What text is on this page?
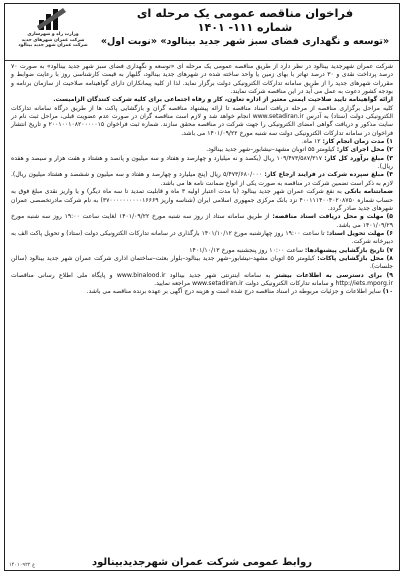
وزارت راه و شهرسازی
شرکت عمران شهرهای جدید
شرکت عمران شهر جدید بینالود
فراخوان مناقصه عمومی یک مرحله ای
شماره ۱۱۱- ۱۴۰۱
«توسعه و نگهداری فضای سبز شهر جدید بینالود» «نوبت اول»

شرکت عمران شهرجدید بینالود در نظر دارد از طریق مناقصه عمومی یک مرحله ای «توسعه و نگهداری فضای سبز شهر جدید بینالود» به صورت ۷۰ درصد پرداخت نقدی و ۳۰ درصد تهاتر با بهای زمین یا واحد ساخته شده در شهرهای جدید بینالود، گلبهار به قیمت کارشناسی روز با رعایت ضوابط و مقررات شهرهای جدید را از طریق سامانه تدارکات الکترونیکی دولت برگزار نماید. لذا از کلیه پیمانکاران دارای گواهینامه صلاحیت از سازمان برنامه و بودجه کشور دعوت به عمل می آید در این مناقصه شرکت نمایند.

ارائه گواهینامه تایید صلاحیت ایمنی معتبر از اداره تعاون، کار و رفاه اجتماعی برای کلیه شرکت کنندگان الزامیست.

کلیه مراحل برگزاری مناقصه از مرحله دریافت اسناد مناقصه تا ارائه پیشنهاد مناقصه گران و بازگشایی پاکت ها از طریق درگاه سامانه تدارکات الکترونیکی دولت (ستاد) به آدرس www.setadiran.ir انجام خواهد شد و لازم است مناقصه گران در صورت عدم عضویت قبلی، مراحل ثبت نام در سایت مذکور و دریافت گواهی امضای الکترونیکی را جهت شرکت در مناقصه محقق سازند. شماره ثبت فراخوان ۲۰۰۱۰۰۱۰۸۲۰۰۰۰۰۱۵ و تاریخ انتشار فراخوان در سامانه تدارکات الکترونیکی دولت سه شنبه مورخ ۱۴۰۱/۰۹/۲۲ می باشد.

۱) مدت زمان انجام کار: ۱۲ ماه.

۲) محل اجرای کار: کیلومتر ۵۵ اتوبان مشهد–نیشابور–شهر جدید بینالود.

۳) مبلغ برآورد کل کار: ۱۰۹/۴۷۳/۵۸۷/۳۱۷ ریال (یکصد و نه میلیارد و چهارصد و هفتاد و سه میلیون و پانصد و هشتاد و هفت هزار و سیصد و هفده ریال).

۴) مبلغ سپرده شرکت در فرایند ارجاع کار: ۵/۴۷۳/۶۸۰/۰۰۰ ریال (پنج میلیارد و چهارصد و هفتاد و سه میلیون و ششصد و هشتاد میلیون ریال). لازم به ذکر است تضمین شرکت در مناقصه به صورت یکی از انواع ضمانت نامه ها می باشد.

ضمانتنامه بانکی به نفع شرکت عمران شهر جدید بینالود (با مدت اعتبار اولیه ۳ ماه و قابلیت تمدید تا سه ماه دیگر) و یا واریز نقدی مبلغ فوق به حساب شماره ۴۰۰۱۱۱۴۰۰۴۰۲۰۸۷۵۰ نزد بانک مرکزی جمهوری اسلامی ایران (شناسه واریز ۳۷۰۰۰۰۰۰۰۰۰۰۱۶۶۶۹) به نام شرکت مادرتخصصی عمران شهرهای جدید صادر گردد.

۵) مهلت و محل دریافت اسناد مناقصه: از طریق سامانه ستاد از روز سه شنبه مورخ ۱۴۰۱/۰۹/۲۲ لغایت ساعت ۱۹:۰۰ روز سه شنبه مورخ ۱۴۰۱/۰۹/۲۹ می باشد.

۶) مهلت تحویل اسناد: تا ساعت ۱۹:۰۰ روز چهارشنبه مورخ ۱۴۰۱/۱۰/۱۲ بارگذاری در سامانه تدارکات الکترونیکی دولت (ستاد) و تحویل پاکت الف به دبیرخانه شرکت.

۷) تاریخ بازگشایی پیشنهادها: ساعت ۱۰:۰۰ روز پنجشنبه مورخ ۱۴۰۱/۱۰/۱۳

۸) محل بازگشایی پاکات: کیلومتر ۵۵ اتوبان مشهد–نیشابور–شهر جدید بینالود–بلوار بعثت–ساختمان اداری شرکت عمران شهر جدید بینالود (سالن جلسات).

۹) برای دسترسی به اطلاعات بیشتر به سامانه اینترنتی شهر جدید بینالود www.binalood.ir و پایگاه ملی اطلاع رسانی مناقصات http://iets.mporg.ir و سامانه تدارکات الکترونیکی دولت www.setadiran.ir مراجعه نمایید.

۱۰) سایر اطلاعات و جزئیات مربوطه در اسناد مناقصه درج شده است و هزینه درج آگهی بر عهده برنده مناقصه می باشد.

روابط عمومی شرکت عمران شهرجدیدبینالود
ع ۱۴۰۱۰۹۲۲
